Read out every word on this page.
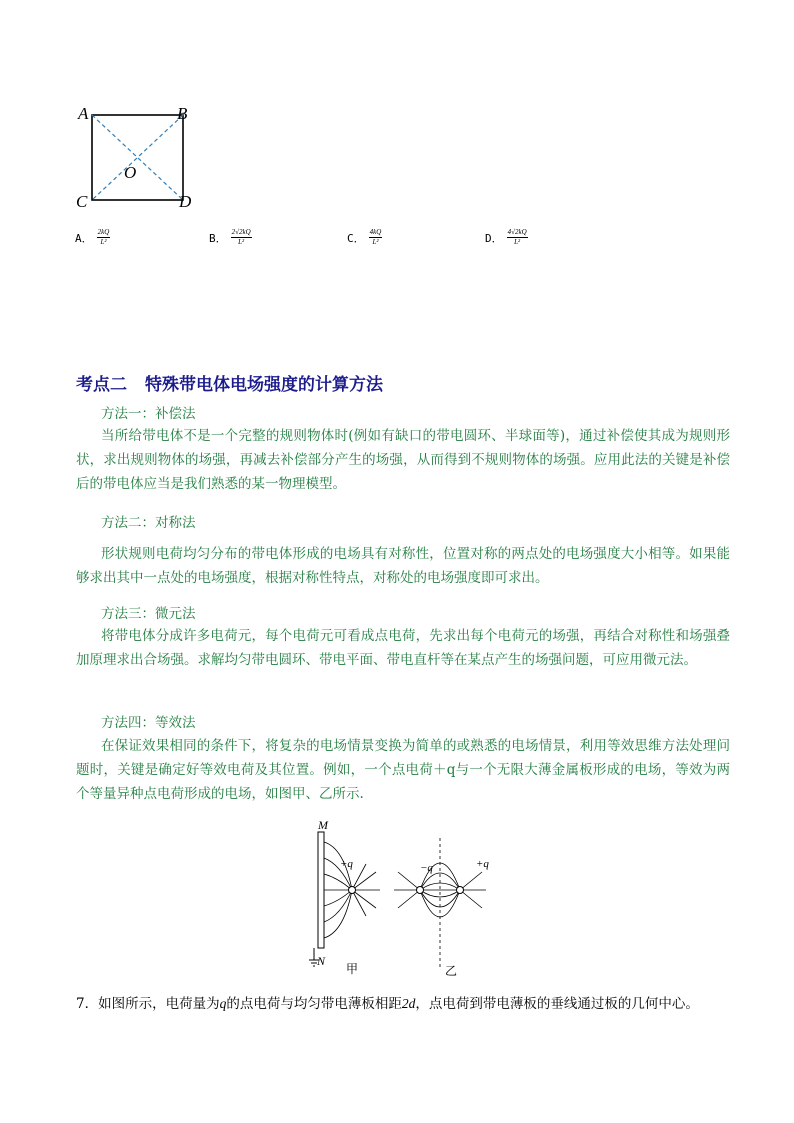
A	B
C	D
O
A． $\frac{2kQ}{\text{L²}}$	B． $\frac{2√2kQ}{\text{L²}}$	C． $\frac{4kQ}{\text{L²}}$	D． $\frac{4√2kQ}{\text{L²}}$
考点二 特殊带电体电场强度的计算方法
方法一：补偿法
当所给带电体不是一个完整的规则物体时(例如有缺口的带电圆环、半球面等)，通过补偿使其成为规则形状，求出规则物体的场强，再减去补偿部分产生的场强，从而得到不规则物体的场强。应用此法的关键是补偿后的带电体应当是我们熟悉的某一物理模型。
方法二：对称法
形状规则电荷均匀分布的带电体形成的电场具有对称性，位置对称的两点处的电场强度大小相等。如果能够求出其中一点处的电场强度，根据对称性特点，对称处的电场强度即可求出。
方法三：微元法
将带电体分成许多电荷元，每个电荷元可看成点电荷，先求出每个电荷元的场强，再结合对称性和场强叠加原理求出合场强。求解均匀带电圆环、带电平面、带电直杆等在某点产生的场强问题，可应用微元法。
方法四：等效法
在保证效果相同的条件下，将复杂的电场情景变换为简单的或熟悉的电场情景，利用等效思维方法处理问题时，关键是确定好等效电荷及其位置。例如，一个点电荷＋q与一个无限大薄金属板形成的电场，等效为两个等量异种点电荷形成的电场，如图甲、乙所示.
M
N
+q	−q	+q
甲	乙
7．如图所示，电荷量为q的点电荷与均匀带电薄板相距2d，点电荷到带电薄板的垂线通过板的几何中心。
